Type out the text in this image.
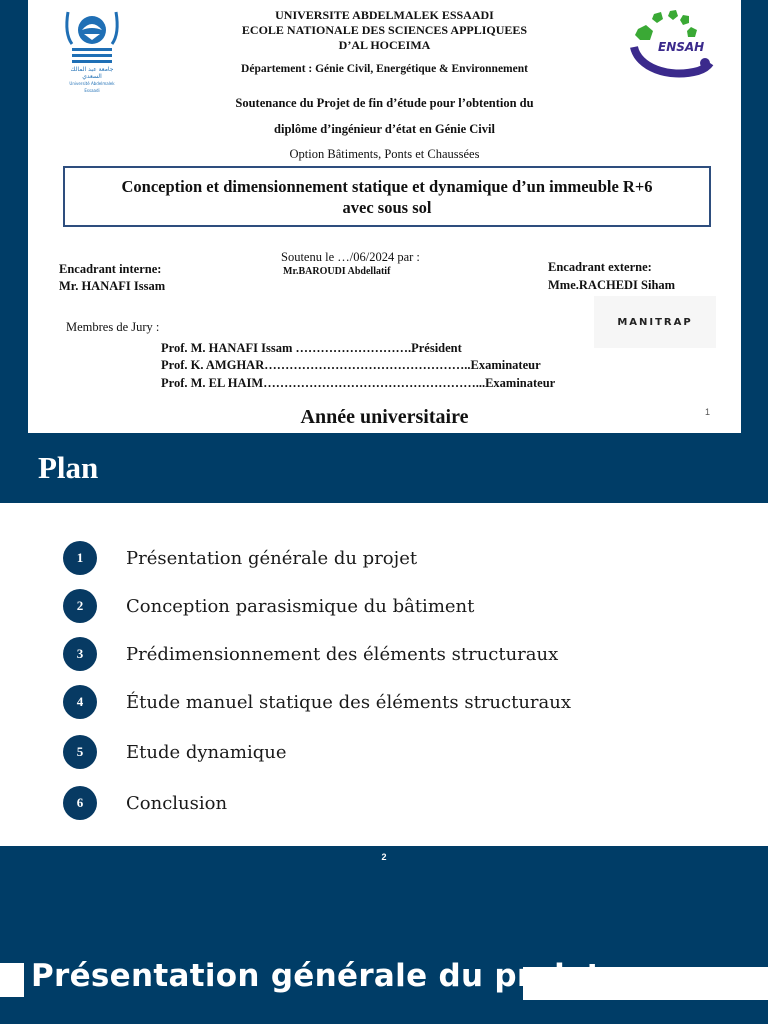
جامعة عبد المالك السعدي
Université Abdelmalek Essaadi
ENSAH
UNIVERSITE ABDELMALEK ESSAADI
ECOLE NATIONALE DES SCIENCES APPLIQUEES
D’AL HOCEIMA
Département : Génie Civil, Energétique & Environnement
Soutenance du Projet de fin d’étude pour l’obtention du
diplôme d’ingénieur d’état en Génie Civil
Option Bâtiments, Ponts et Chaussées
Conception et dimensionnement statique et dynamique d’un immeuble R+6
avec sous sol
Soutenu le …/06/2024 par :
Mr.BAROUDI Abdellatif
Encadrant interne:
Mr. HANAFI Issam
Encadrant externe:
Mme.RACHEDI Siham
MANITRAP
Membres de Jury :
Prof. M. HANAFI Issam ……………………….Président
Prof. K. AMGHAR…………………………………………..Examinateur
Prof. M. EL HAIM……………………………………………...Examinateur
Année universitaire	1
Plan
1	Présentation générale du projet
2	Conception parasismique du bâtiment
3	Prédimensionnement des éléments structuraux
4	Étude manuel statique des éléments structuraux
5	Etude dynamique
6	Conclusion
2
Présentation générale du projet
